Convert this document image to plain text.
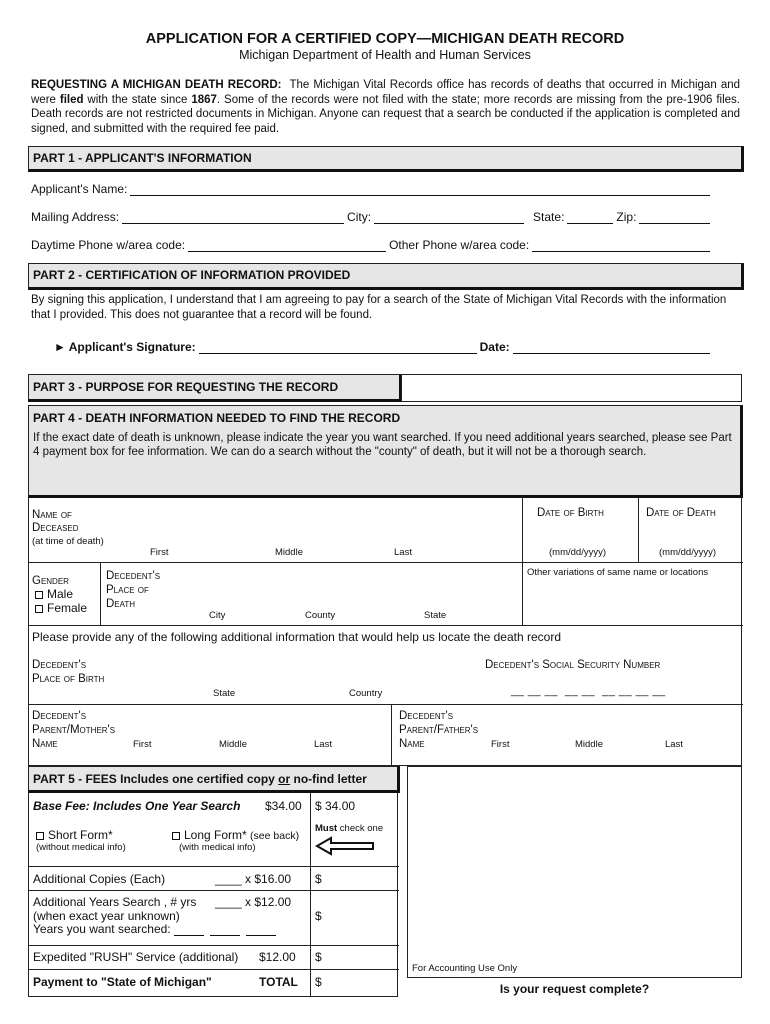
APPLICATION FOR A CERTIFIED COPY—MICHIGAN DEATH RECORD
Michigan Department of Health and Human Services
REQUESTING A MICHIGAN DEATH RECORD: The Michigan Vital Records office has records of deaths that occurred in Michigan and were filed with the state since 1867. Some of the records were not filed with the state; more records are missing from the pre-1906 files. Death records are not restricted documents in Michigan. Anyone can request that a search be conducted if the application is completed and signed, and submitted with the required fee paid.
PART 1 - APPLICANT'S INFORMATION
Applicant's Name:
Mailing Address:	City:	State:	Zip:
Daytime Phone w/area code:	Other Phone w/area code:
PART 2 - CERTIFICATION OF INFORMATION PROVIDED
By signing this application, I understand that I am agreeing to pay for a search of the State of Michigan Vital Records with the information that I provided. This does not guarantee that a record will be found.
► Applicant's Signature:	Date:
PART 3 - PURPOSE FOR REQUESTING THE RECORD
PART 4 - DEATH INFORMATION NEEDED TO FIND THE RECORD
If the exact date of death is unknown, please indicate the year you want searched. If you need additional years searched, please see Part 4 payment box for fee information. We can do a search without the "county" of death, but it will not be a thorough search.
Name of
Deceased
(at time of death)
First	Middle	Last
Date of Birth
(mm/dd/yyyy)
Date of Death
(mm/dd/yyyy)
Gender
Male
Female
Decedent's
Place of
Death
City	County	State
Other variations of same name or locations
Please provide any of the following additional information that would help us locate the death record
Decedent's
Place of Birth
State	Country
Decedent's Social Security Number
__ __ __  __ __  __ __ __ __
Decedent's
Parent/Mother's
Name	First	Middle	Last
Decedent's
Parent/Father's
Name	First	Middle	Last
PART 5 - FEES Includes one certified copy or no-find letter
Base Fee: Includes One Year Search $34.00 $ 34.00
Short Form*
(without medical info)
Long Form* (see back)
(with medical info)
Must check one
Additional Copies (Each)	____ x $16.00 $
Additional Years Search , # yrs ____ x $12.00
(when exact year unknown)
Years you want searched:
$
Expedited "RUSH" Service (additional) $12.00 $
Payment to "State of Michigan"	TOTAL $
For Accounting Use Only
Is your request complete?
